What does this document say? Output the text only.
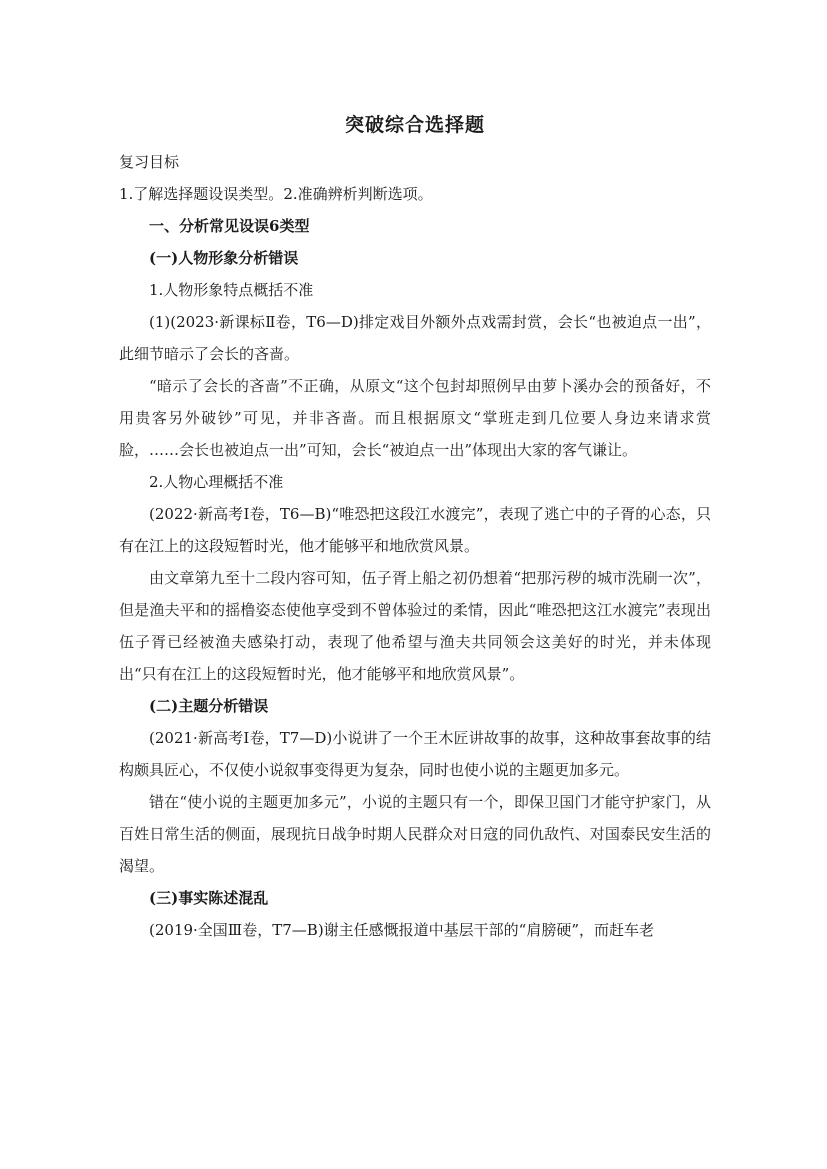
突破综合选择题

复习目标

1.了解选择题设误类型。2.准确辨析判断选项。

一、分析常见设误6类型

(一)人物形象分析错误

1.人物形象特点概括不准

(1)(2023·新课标Ⅱ卷，T6—D)排定戏目外额外点戏需封赏，会长“也被迫点一出”，此细节暗示了会长的吝啬。

“暗示了会长的吝啬”不正确，从原文“这个包封却照例早由萝卜溪办会的预备好，不用贵客另外破钞”可见，并非吝啬。而且根据原文“掌班走到几位要人身边来请求赏脸，……会长也被迫点一出”可知，会长“被迫点一出”体现出大家的客气谦让。

2.人物心理概括不准

(2022·新高考Ⅰ卷，T6—B)“唯恐把这段江水渡完”，表现了逃亡中的子胥的心态，只有在江上的这段短暂时光，他才能够平和地欣赏风景。

由文章第九至十二段内容可知，伍子胥上船之初仍想着“把那污秽的城市洗刷一次”，但是渔夫平和的摇橹姿态使他享受到不曾体验过的柔情，因此“唯恐把这江水渡完”表现出伍子胥已经被渔夫感染打动，表现了他希望与渔夫共同领会这美好的时光，并未体现出“只有在江上的这段短暂时光，他才能够平和地欣赏风景”。

(二)主题分析错误

(2021·新高考Ⅰ卷，T7—D)小说讲了一个王木匠讲故事的故事，这种故事套故事的结构颇具匠心，不仅使小说叙事变得更为复杂，同时也使小说的主题更加多元。

错在“使小说的主题更加多元”，小说的主题只有一个，即保卫国门才能守护家门，从百姓日常生活的侧面，展现抗日战争时期人民群众对日寇的同仇敌忾、对国泰民安生活的渴望。

(三)事实陈述混乱

(2019·全国Ⅲ卷，T7—B)谢主任感慨报道中基层干部的“肩膀硬”，而赶车老
